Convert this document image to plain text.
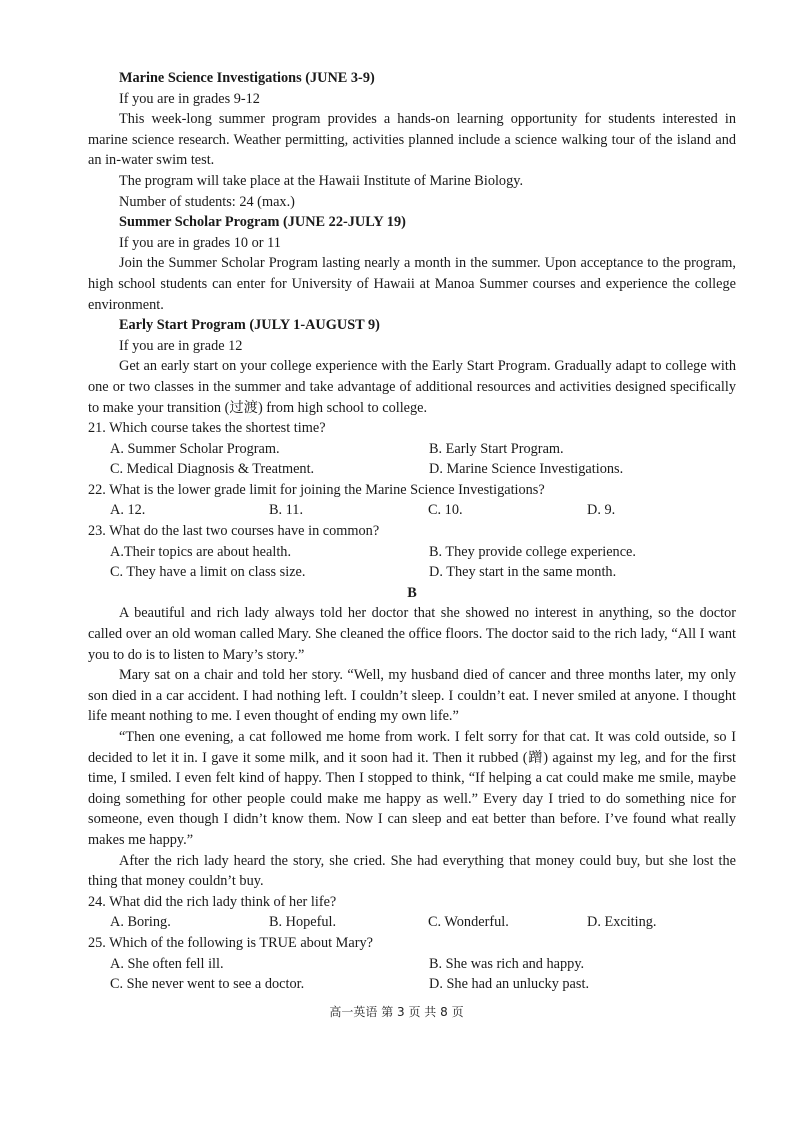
Marine Science Investigations (JUNE 3-9)

If you are in grades 9-12

This week-long summer program provides a hands-on learning opportunity for students interested in marine science research. Weather permitting, activities planned include a science walking tour of the island and an in-water swim test.

The program will take place at the Hawaii Institute of Marine Biology.

Number of students: 24 (max.)

Summer Scholar Program (JUNE 22-JULY 19)

If you are in grades 10 or 11

Join the Summer Scholar Program lasting nearly a month in the summer. Upon acceptance to the program, high school students can enter for University of Hawaii at Manoa Summer courses and experience the college environment.

Early Start Program (JULY 1-AUGUST 9)

If you are in grade 12

Get an early start on your college experience with the Early Start Program. Gradually adapt to college with one or two classes in the summer and take advantage of additional resources and activities designed specifically to make your transition (过渡) from high school to college.

21. Which course takes the shortest time?

A. Summer Scholar Program.	B. Early Start Program.
C. Medical Diagnosis & Treatment.	D. Marine Science Investigations.

22. What is the lower grade limit for joining the Marine Science Investigations?

A. 12.	B. 11.	C. 10.	D. 9.

23. What do the last two courses have in common?

A.Their topics are about health.	B. They provide college experience.
C. They have a limit on class size.	D. They start in the same month.

B

A beautiful and rich lady always told her doctor that she showed no interest in anything, so the doctor called over an old woman called Mary. She cleaned the office floors. The doctor said to the rich lady, “All I want you to do is to listen to Mary’s story.”

Mary sat on a chair and told her story. “Well, my husband died of cancer and three months later, my only son died in a car accident. I had nothing left. I couldn’t sleep. I couldn’t eat. I never smiled at anyone. I thought life meant nothing to me. I even thought of ending my own life.”

“Then one evening, a cat followed me home from work. I felt sorry for that cat. It was cold outside, so I decided to let it in. I gave it some milk, and it soon had it. Then it rubbed (蹭) against my leg, and for the first time, I smiled. I even felt kind of happy. Then I stopped to think, “If helping a cat could make me smile, maybe doing something for other people could make me happy as well.” Every day I tried to do something nice for someone, even though I didn’t know them. Now I can sleep and eat better than before. I’ve found what really makes me happy.”

After the rich lady heard the story, she cried. She had everything that money could buy, but she lost the thing that money couldn’t buy.

24. What did the rich lady think of her life?

A. Boring.	B. Hopeful.	C. Wonderful.	D. Exciting.

25. Which of the following is TRUE about Mary?

A. She often fell ill.	B. She was rich and happy.
C. She never went to see a doctor.	D. She had an unlucky past.
高一英语 第 3 页 共 8 页
